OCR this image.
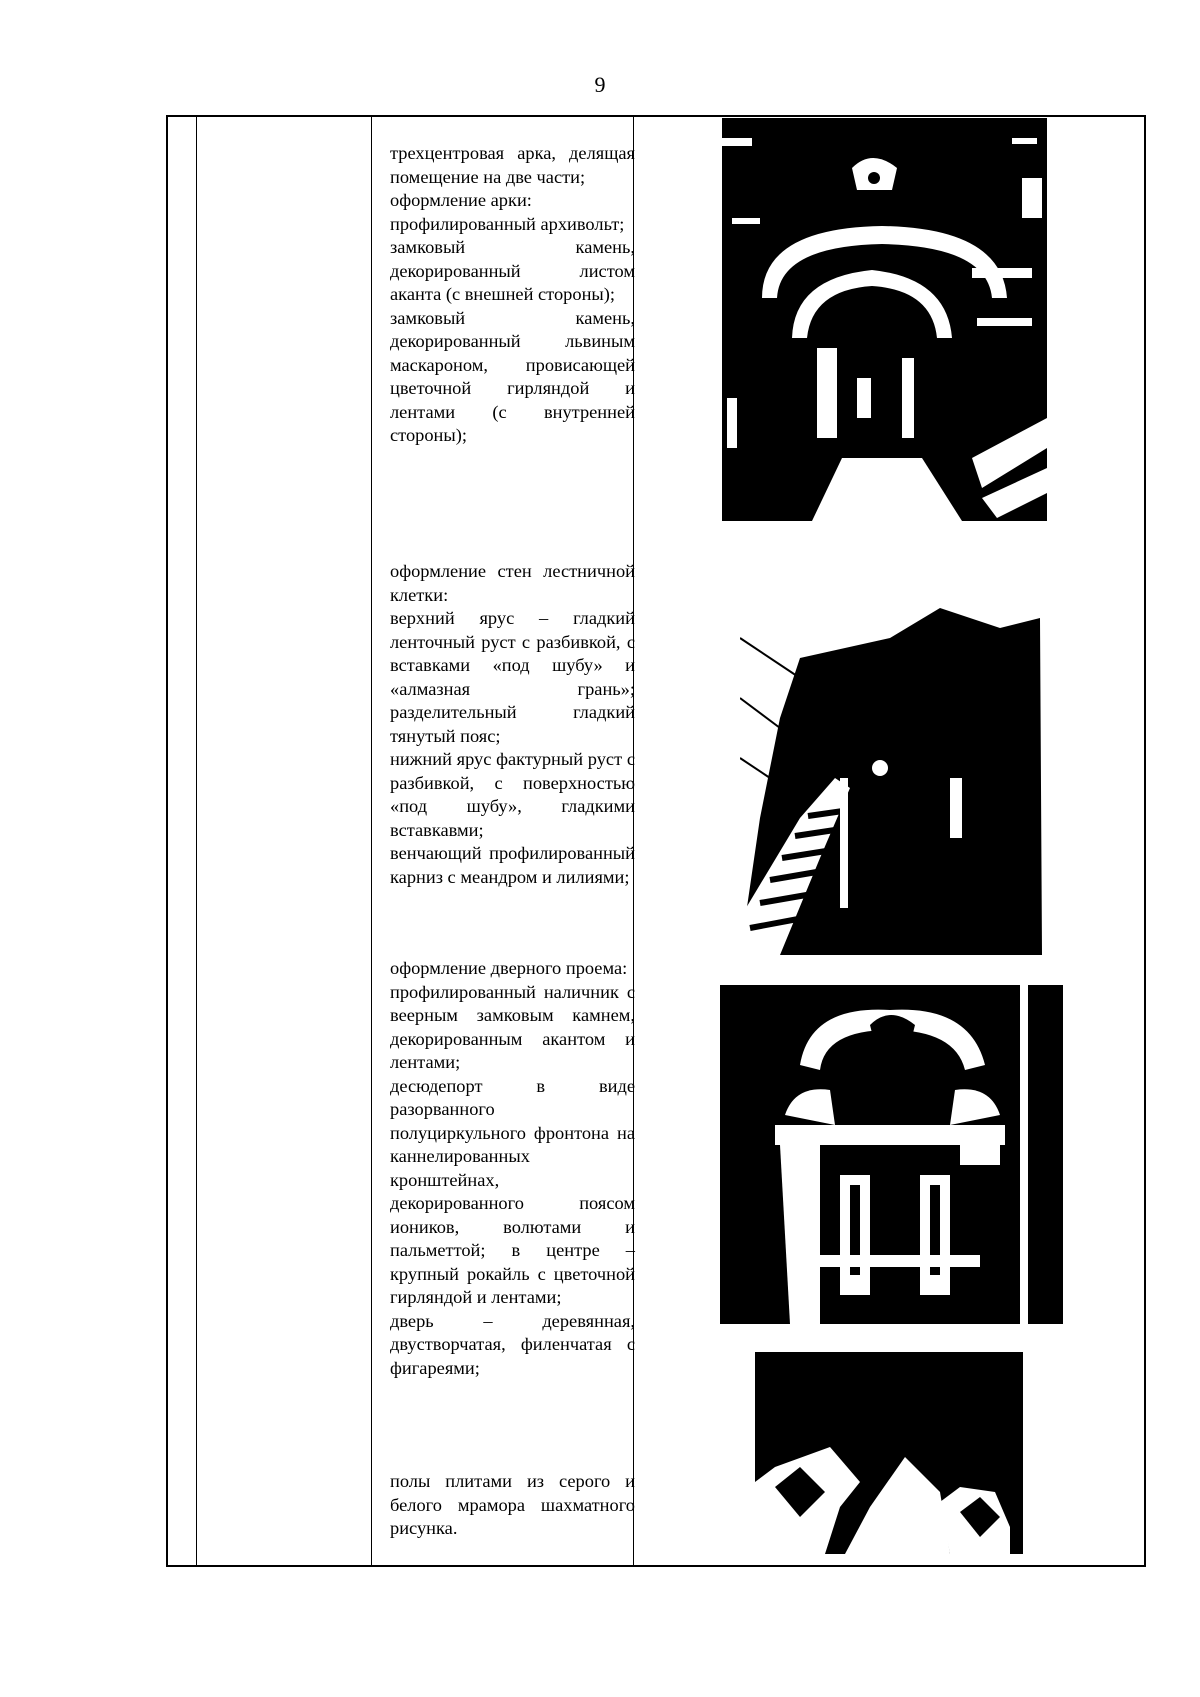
9

трехцентровая арка, делящая помещение на две части;

оформление арки:

профилированный архивольт;

замковый камень, декорированный листом аканта (с внешней стороны);

замковый камень, декорированный львиным маскароном, провисающей цветочной гирляндой и лентами (с внутренней стороны);

оформление стен лестничной клетки:

верхний ярус – гладкий ленточный руст с разбивкой, с вставками «под шубу» и «алмазная грань»; разделительный гладкий тянутый пояс;

нижний ярус фактурный руст с разбивкой, с поверхностью «под шубу», гладкими вставкавми;

венчающий профилированный карниз с меандром и лилиями;

оформление дверного проема:

профилированный наличник с веерным замковым камнем, декорированным акантом и лентами;

десюдепорт в виде разорванного полуциркульного фронтона на каннелированных кронштейнах, декорированного поясом иоников, волютами и пальметтой; в центре – крупный рокайль с цветочной гирляндой и лентами;

дверь – деревянная, двустворчатая, филенчатая с фигареями;

полы плитами из серого и белого мрамора шахматного рисунка.
